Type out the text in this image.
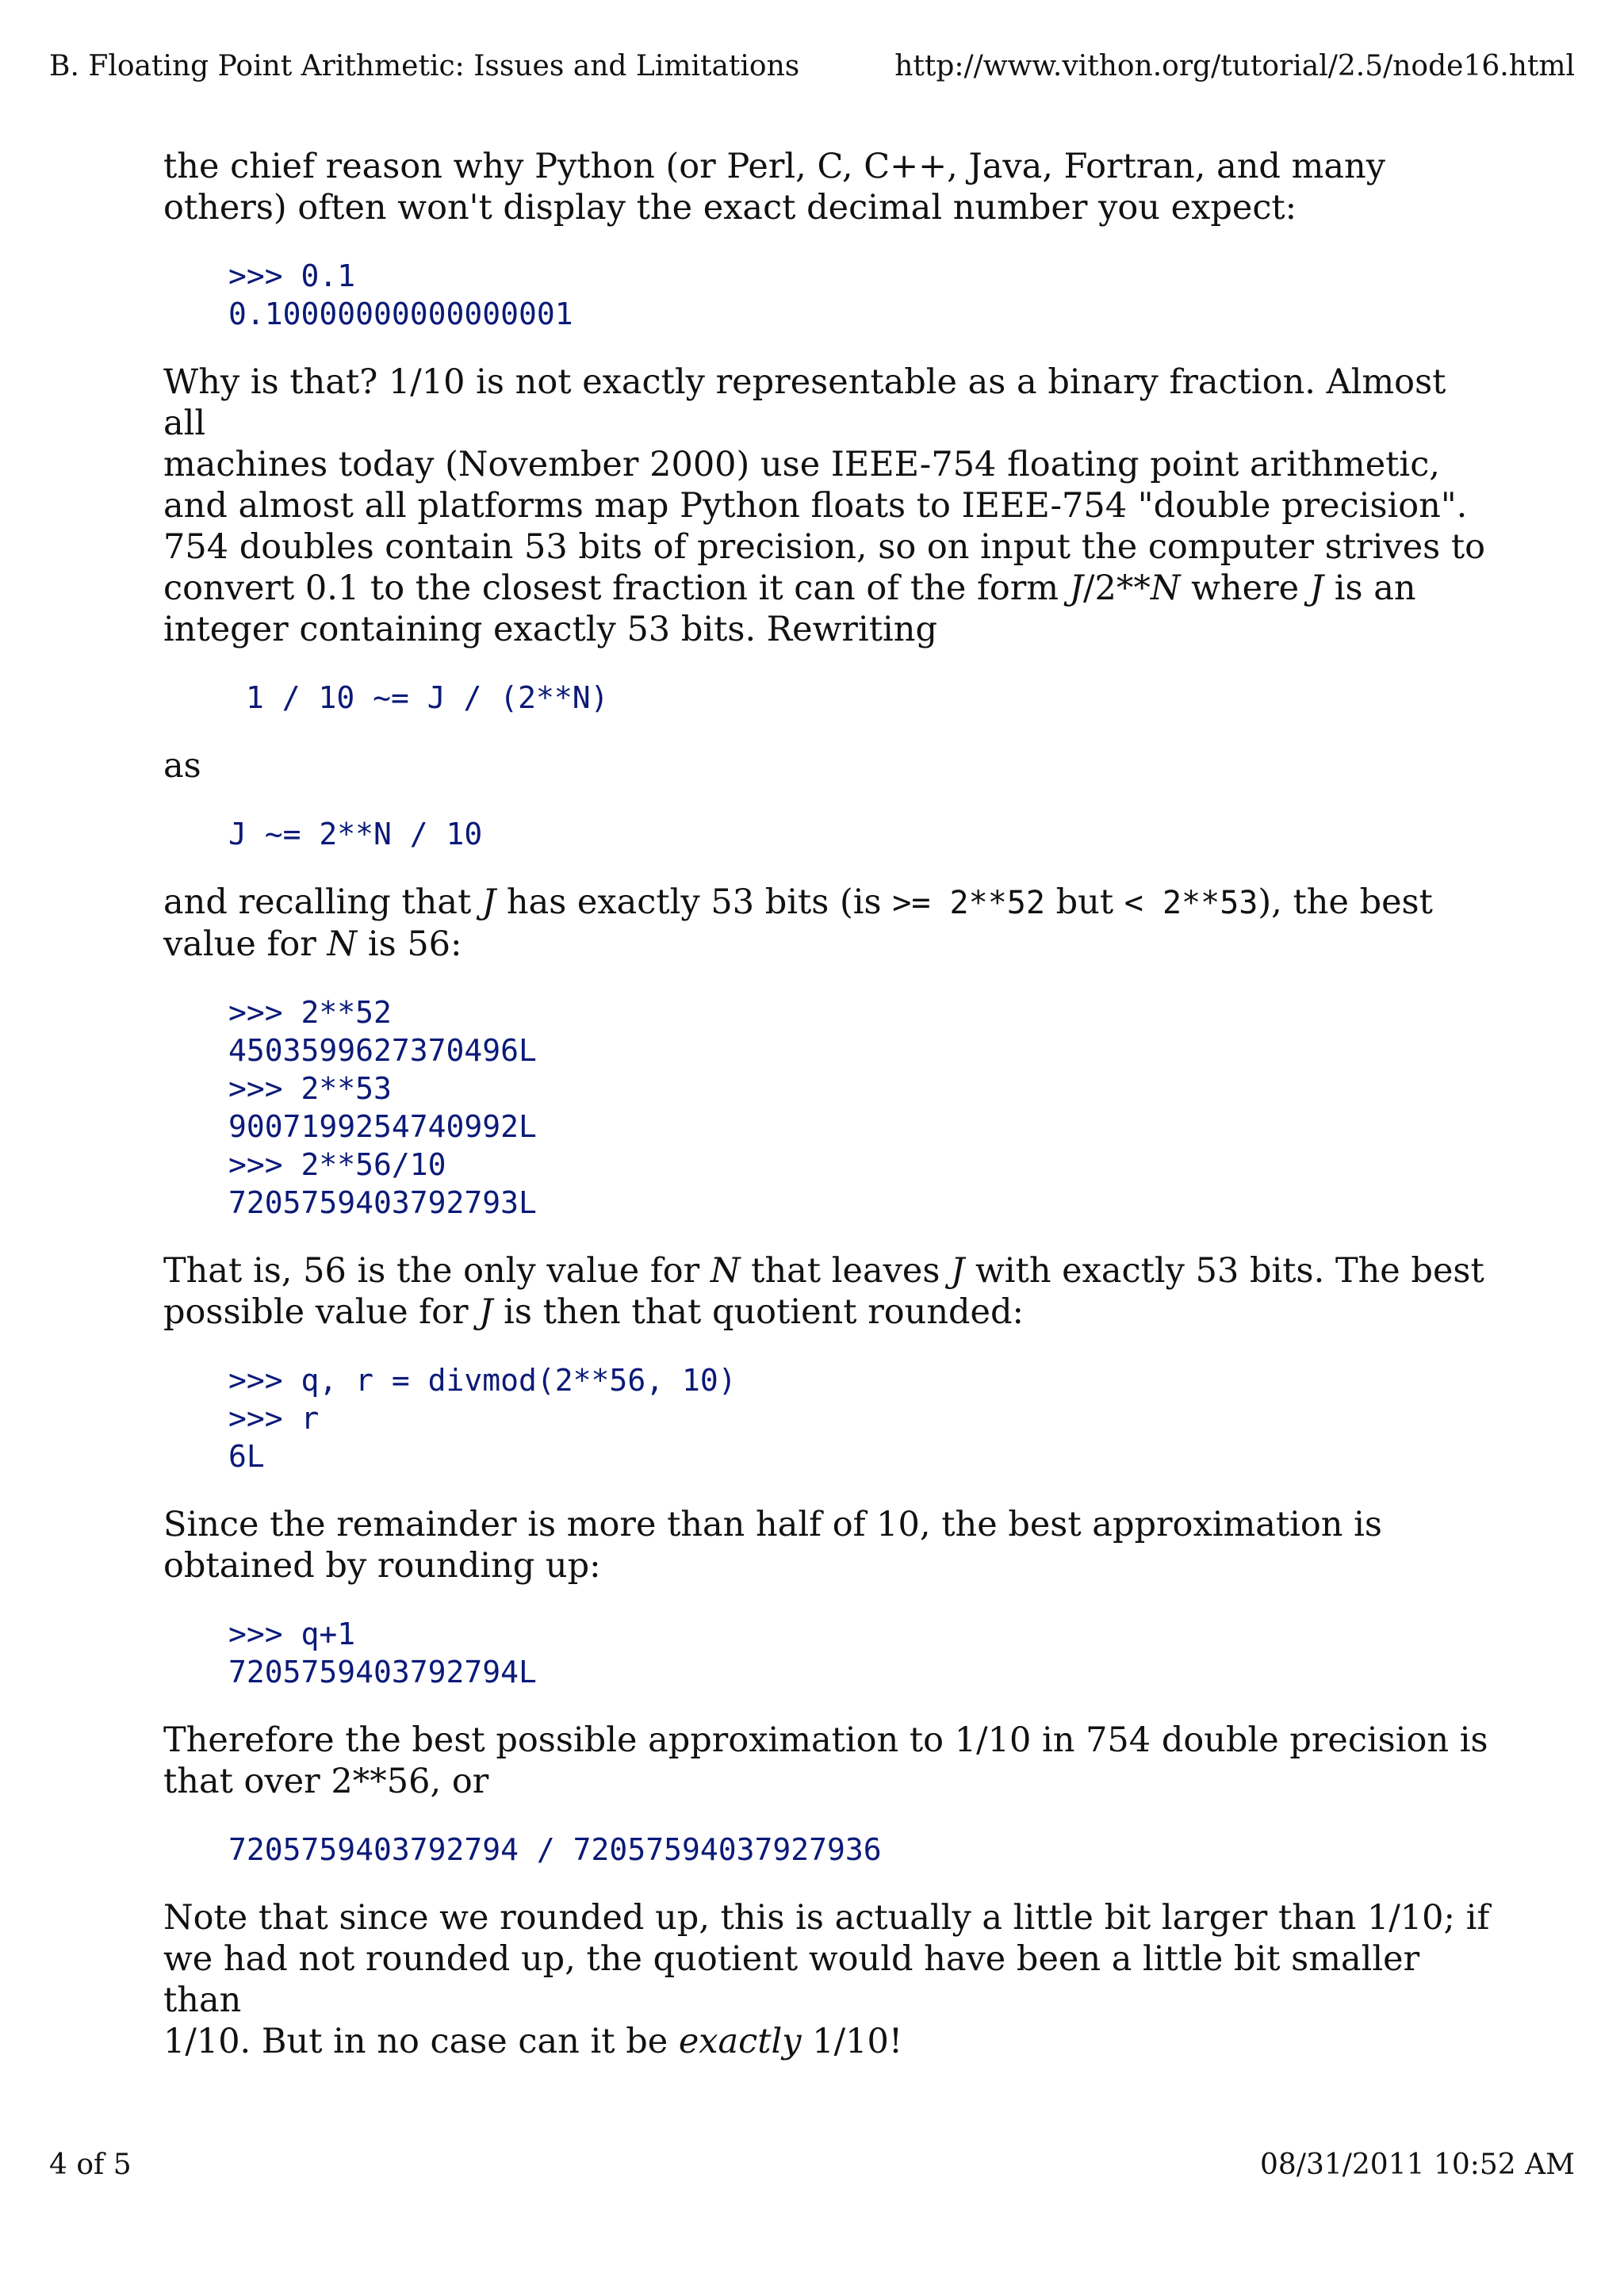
B. Floating Point Arithmetic: Issues and Limitations	http://www.vithon.org/tutorial/2.5/node16.html

the chief reason why Python (or Perl, C, C++, Java, Fortran, and many
others) often won't display the exact decimal number you expect:

>>> 0.1
0.10000000000000001

Why is that? 1/10 is not exactly representable as a binary fraction. Almost all
machines today (November 2000) use IEEE-754 floating point arithmetic,
and almost all platforms map Python floats to IEEE-754 "double precision".
754 doubles contain 53 bits of precision, so on input the computer strives to
convert 0.1 to the closest fraction it can of the form J/2**N where J is an
integer containing exactly 53 bits. Rewriting

1 / 10 ~= J / (2**N)

as

J ~= 2**N / 10

and recalling that J has exactly 53 bits (is >= 2**52 but < 2**53), the best
value for N is 56:

>>> 2**52
4503599627370496L
>>> 2**53
9007199254740992L
>>> 2**56/10
7205759403792793L

That is, 56 is the only value for N that leaves J with exactly 53 bits. The best
possible value for J is then that quotient rounded:

>>> q, r = divmod(2**56, 10)
>>> r
6L

Since the remainder is more than half of 10, the best approximation is
obtained by rounding up:

>>> q+1
7205759403792794L

Therefore the best possible approximation to 1/10 in 754 double precision is
that over 2**56, or

7205759403792794 / 72057594037927936

Note that since we rounded up, this is actually a little bit larger than 1/10; if
we had not rounded up, the quotient would have been a little bit smaller than
1/10. But in no case can it be exactly 1/10!

4 of 5	08/31/2011 10:52 AM
